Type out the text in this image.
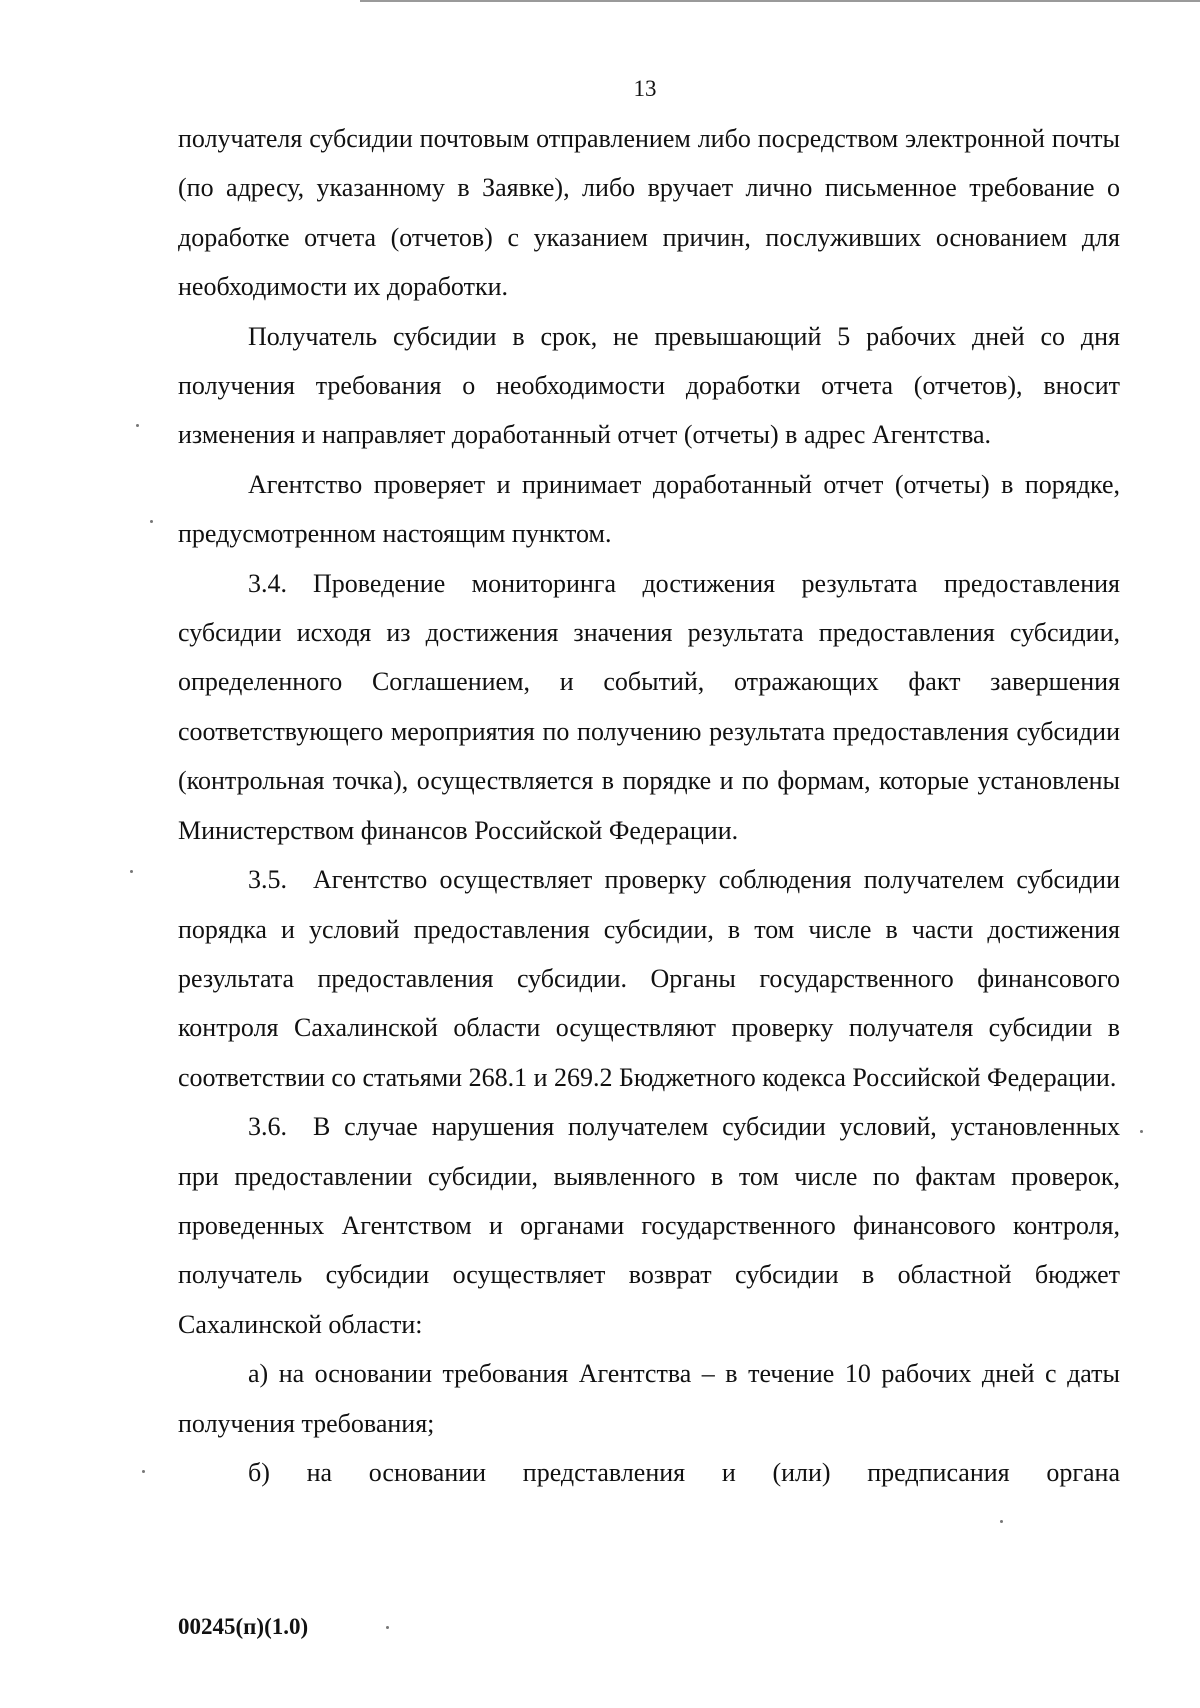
13

получателя субсидии почтовым отправлением либо посредством электронной почты (по адресу, указанному в Заявке), либо вручает лично письменное требование о доработке отчета (отчетов) с указанием причин, послуживших основанием для необходимости их доработки.

Получатель субсидии в срок, не превышающий 5 рабочих дней со дня получения требования о необходимости доработки отчета (отчетов), вносит изменения и направляет доработанный отчет (отчеты) в адрес Агентства.

Агентство проверяет и принимает доработанный отчет (отчеты) в порядке, предусмотренном настоящим пунктом.

3.4. Проведение мониторинга достижения результата предоставления субсидии исходя из достижения значения результата предоставления субсидии, определенного Соглашением, и событий, отражающих факт завершения соответствующего мероприятия по получению результата предоставления субсидии (контрольная точка), осуществляется в порядке и по формам, которые установлены Министерством финансов Российской Федерации.

3.5. Агентство осуществляет проверку соблюдения получателем субсидии порядка и условий предоставления субсидии, в том числе в части достижения результата предоставления субсидии. Органы государственного финансового контроля Сахалинской области осуществляют проверку получателя субсидии в соответствии со статьями 268.1 и 269.2 Бюджетного кодекса Российской Федерации.

3.6. В случае нарушения получателем субсидии условий, установленных при предоставлении субсидии, выявленного в том числе по фактам проверок, проведенных Агентством и органами государственного финансового контроля, получатель субсидии осуществляет возврат субсидии в областной бюджет Сахалинской области:

а) на основании требования Агентства – в течение 10 рабочих дней с даты получения требования;

б) на основании представления и (или) предписания органа

00245(п)(1.0)
